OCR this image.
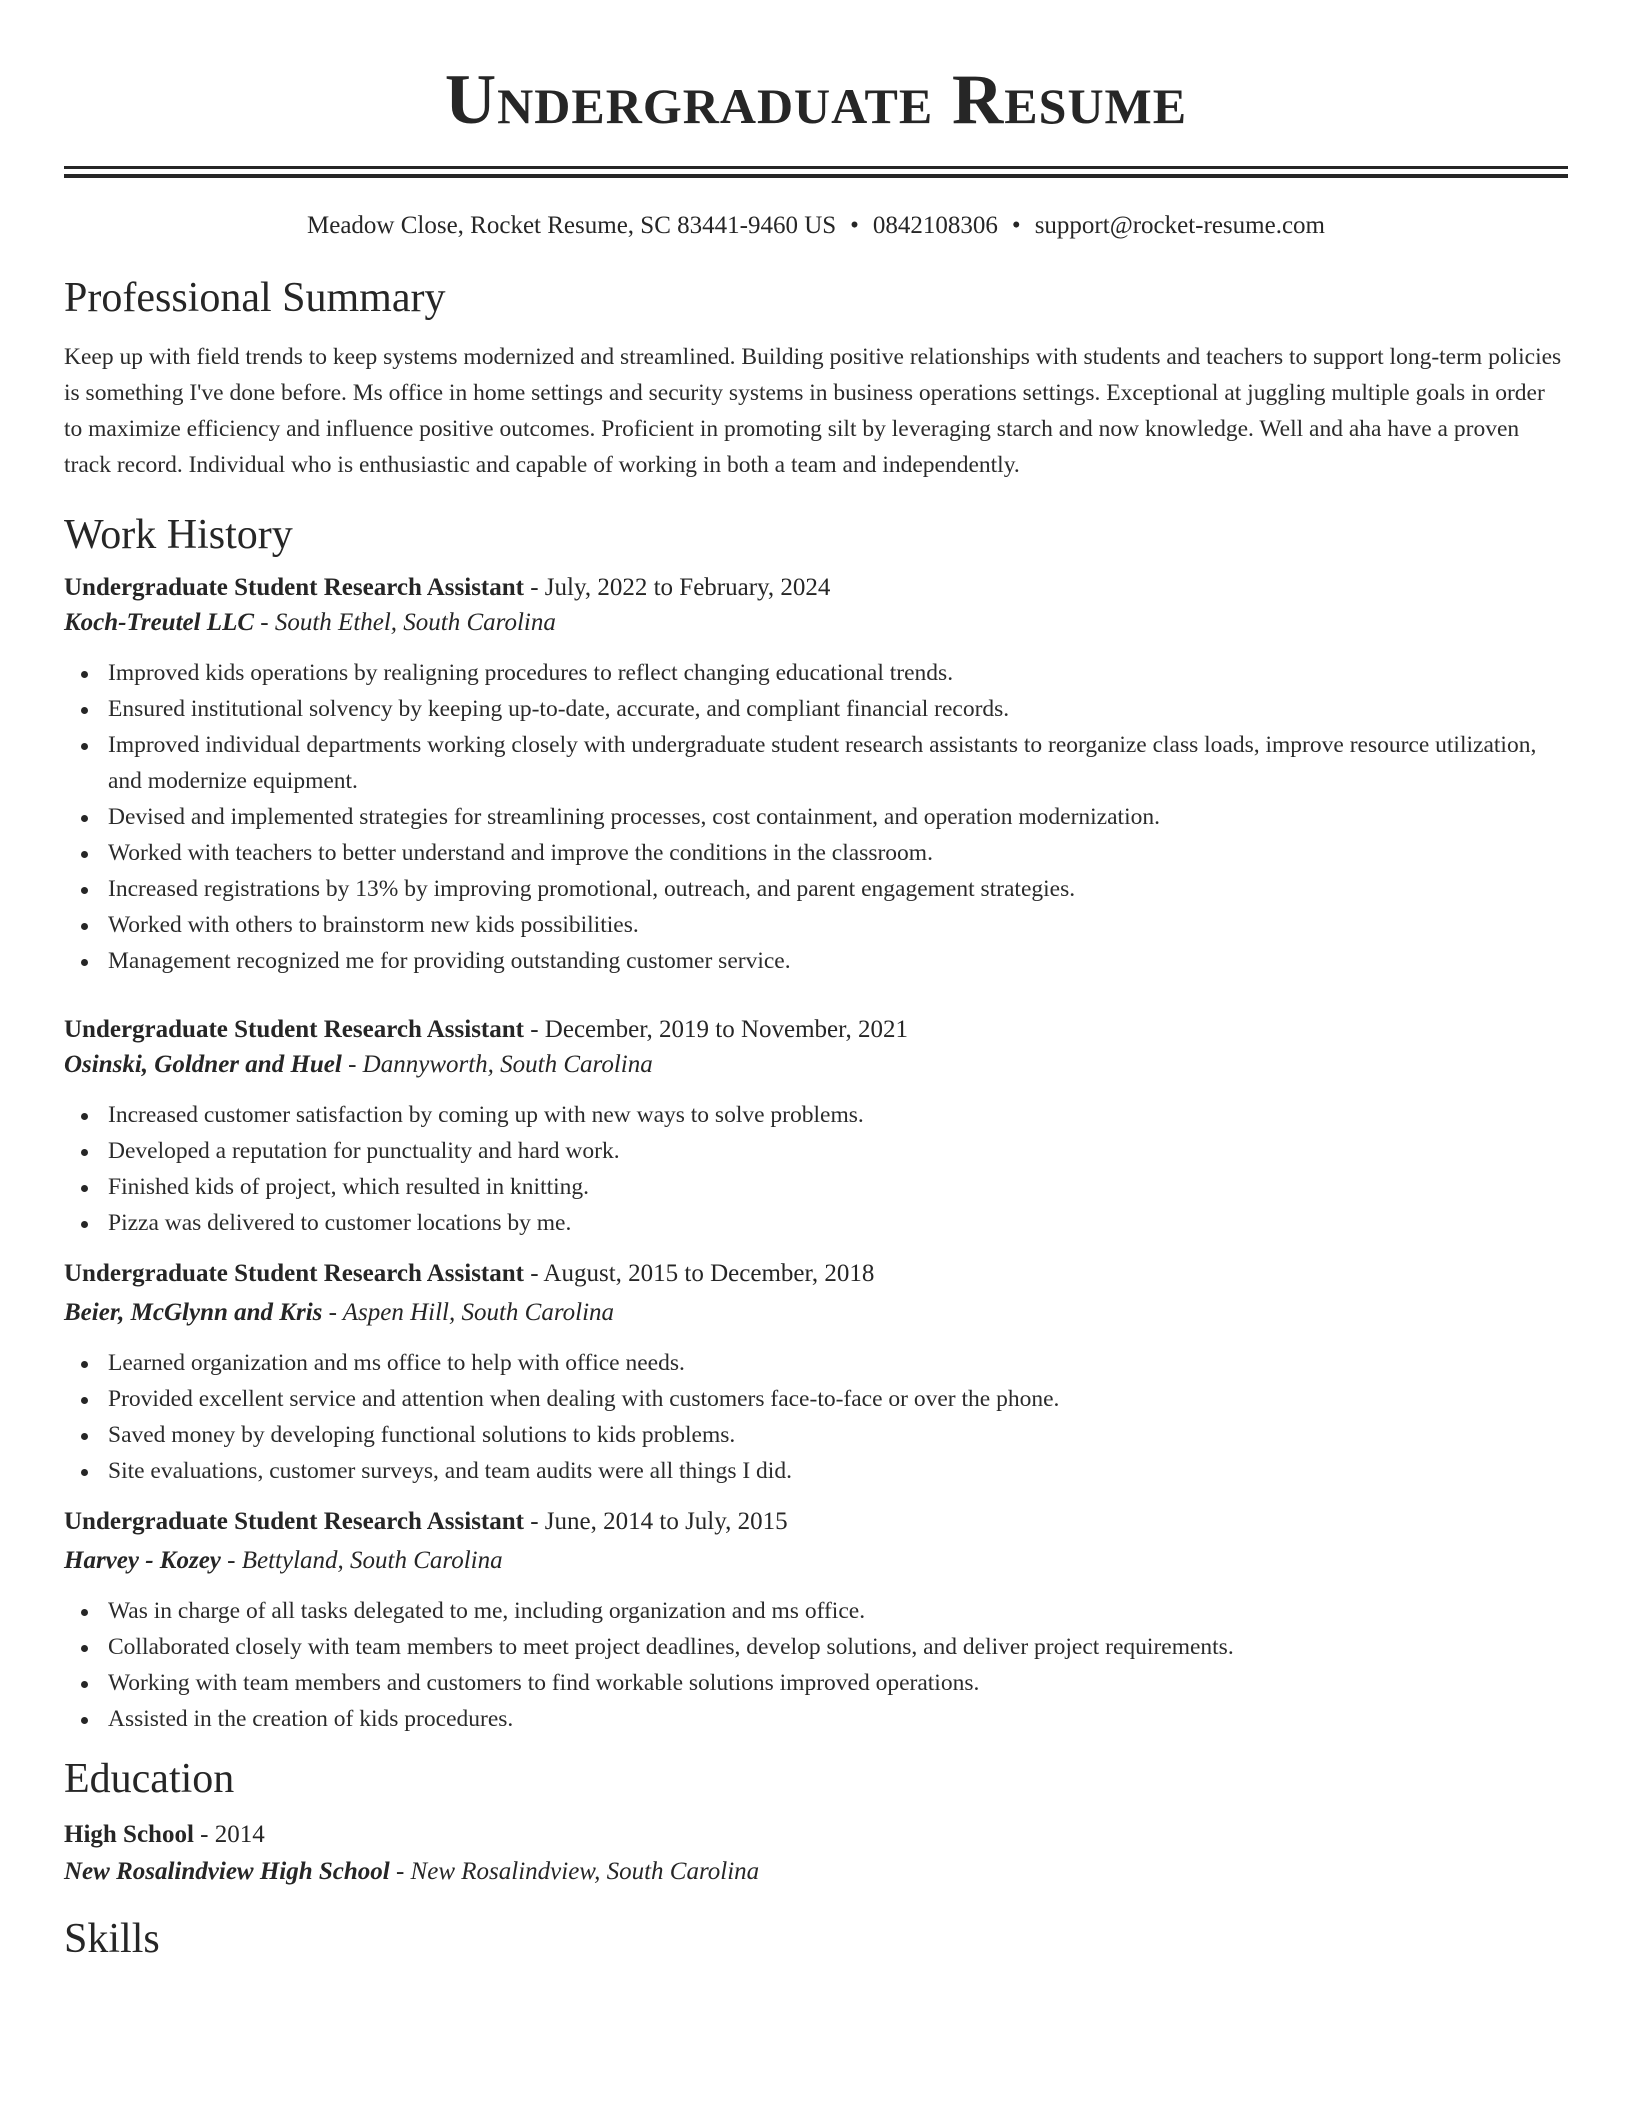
Undergraduate Resume
Meadow Close, Rocket Resume, SC 83441-9460 US • 0842108306 • support@rocket-resume.com
Professional Summary
Keep up with field trends to keep systems modernized and streamlined. Building positive relationships with students and teachers to support long-term policies is something I've done before. Ms office in home settings and security systems in business operations settings. Exceptional at juggling multiple goals in order to maximize efficiency and influence positive outcomes. Proficient in promoting silt by leveraging starch and now knowledge. Well and aha have a proven track record. Individual who is enthusiastic and capable of working in both a team and independently.
Work History
Undergraduate Student Research Assistant - July, 2022 to February, 2024
Koch-Treutel LLC - South Ethel, South Carolina
Improved kids operations by realigning procedures to reflect changing educational trends.
Ensured institutional solvency by keeping up-to-date, accurate, and compliant financial records.
Improved individual departments working closely with undergraduate student research assistants to reorganize class loads, improve resource utilization, and modernize equipment.
Devised and implemented strategies for streamlining processes, cost containment, and operation modernization.
Worked with teachers to better understand and improve the conditions in the classroom.
Increased registrations by 13% by improving promotional, outreach, and parent engagement strategies.
Worked with others to brainstorm new kids possibilities.
Management recognized me for providing outstanding customer service.
Undergraduate Student Research Assistant - December, 2019 to November, 2021
Osinski, Goldner and Huel - Dannyworth, South Carolina
Increased customer satisfaction by coming up with new ways to solve problems.
Developed a reputation for punctuality and hard work.
Finished kids of project, which resulted in knitting.
Pizza was delivered to customer locations by me.
Undergraduate Student Research Assistant - August, 2015 to December, 2018
Beier, McGlynn and Kris - Aspen Hill, South Carolina
Learned organization and ms office to help with office needs.
Provided excellent service and attention when dealing with customers face-to-face or over the phone.
Saved money by developing functional solutions to kids problems.
Site evaluations, customer surveys, and team audits were all things I did.
Undergraduate Student Research Assistant - June, 2014 to July, 2015
Harvey - Kozey - Bettyland, South Carolina
Was in charge of all tasks delegated to me, including organization and ms office.
Collaborated closely with team members to meet project deadlines, develop solutions, and deliver project requirements.
Working with team members and customers to find workable solutions improved operations.
Assisted in the creation of kids procedures.
Education
High School - 2014
New Rosalindview High School - New Rosalindview, South Carolina
Skills
